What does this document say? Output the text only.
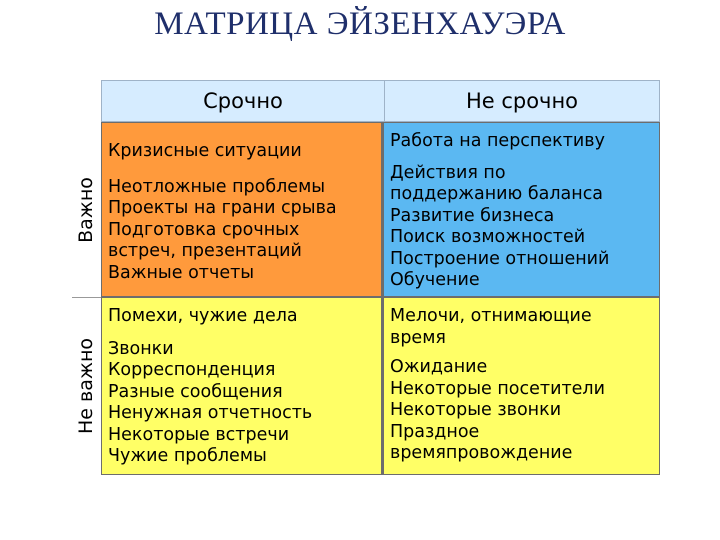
МАТРИЦА ЭЙЗЕНХАУЭРА
Срочно	Не срочно
Важно
Не важно
Кризисные ситуации
Неотложные проблемы
Проекты на грани срыва
Подготовка срочных встреч, презентаций
Важные отчеты
Работа на перспективу
Действия по поддержанию баланса
Развитие бизнеса
Поиск возможностей
Построение отношений
Обучение
Помехи, чужие дела
Звонки
Корреспонденция
Разные сообщения
Ненужная отчетность
Некоторые встречи
Чужие проблемы
Мелочи, отнимающие время
Ожидание
Некоторые посетители
Некоторые звонки
Праздное времяпровождение
